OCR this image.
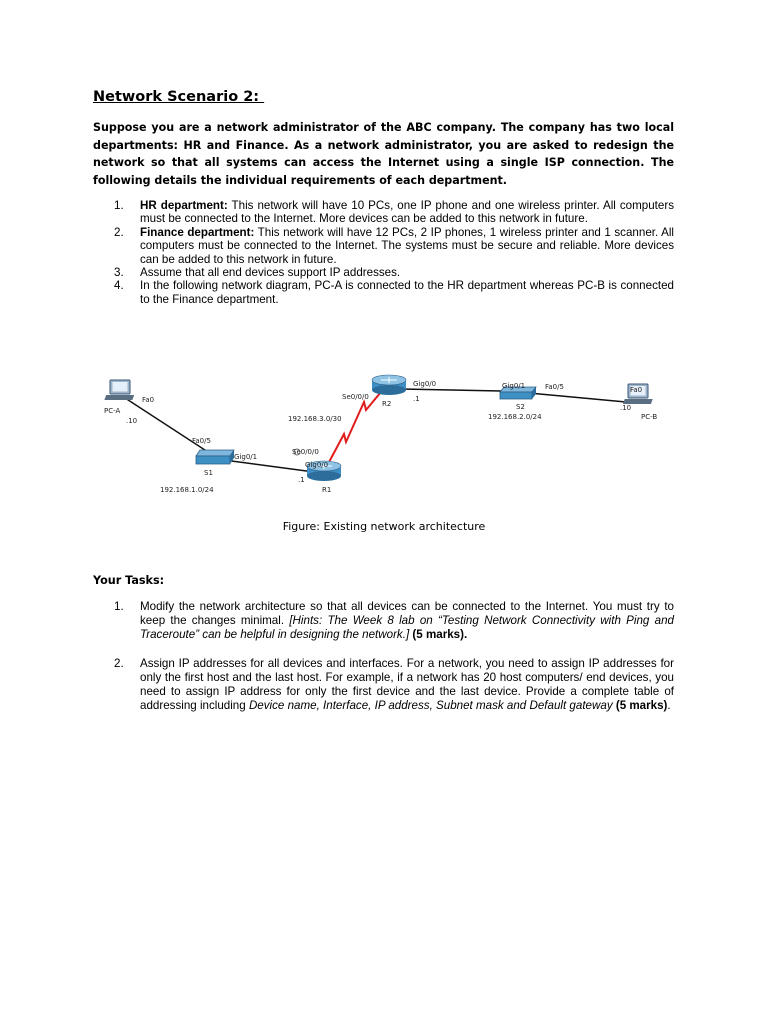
Network Scenario 2:

Suppose you are a network administrator of the ABC company. The company has two local departments: HR and Finance. As a network administrator, you are asked to redesign the network so that all systems can access the Internet using a single ISP connection. The following details the individual requirements of each department.

1. HR department: This network will have 10 PCs, one IP phone and one wireless printer. All computers must be connected to the Internet. More devices can be added to this network in future.
2. Finance department: This network will have 12 PCs, 2 IP phones, 1 wireless printer and 1 scanner. All computers must be connected to the Internet. The systems must be secure and reliable. More devices can be added to this network in future.
3. Assume that all end devices support IP addresses.
4. In the following network diagram, PC-A is connected to the HR department whereas PC-B is connected to the Finance department.
PC-A
.10
Fa0
S1
Fa0/5
Gig0/1
192.168.1.0/24	R1
Se0/0/0
Gig0/0
.1
192.168.3.0/30
R2
Se0/0/0
Gig0/0
.1
S2
Gig0/1	Fa0/5
192.168.2.0/24	PC-B
.10
Fa0

Figure: Existing network architecture

Your Tasks:
1. Modify the network architecture so that all devices can be connected to the Internet. You must try to keep the changes minimal. [Hints: The Week 8 lab on “Testing Network Connectivity with Ping and Traceroute” can be helpful in designing the network.] (5 marks).
2. Assign IP addresses for all devices and interfaces. For a network, you need to assign IP addresses for only the first host and the last host. For example, if a network has 20 host computers/ end devices, you need to assign IP address for only the first device and the last device. Provide a complete table of addressing including Device name, Interface, IP address, Subnet mask and Default gateway (5 marks).
